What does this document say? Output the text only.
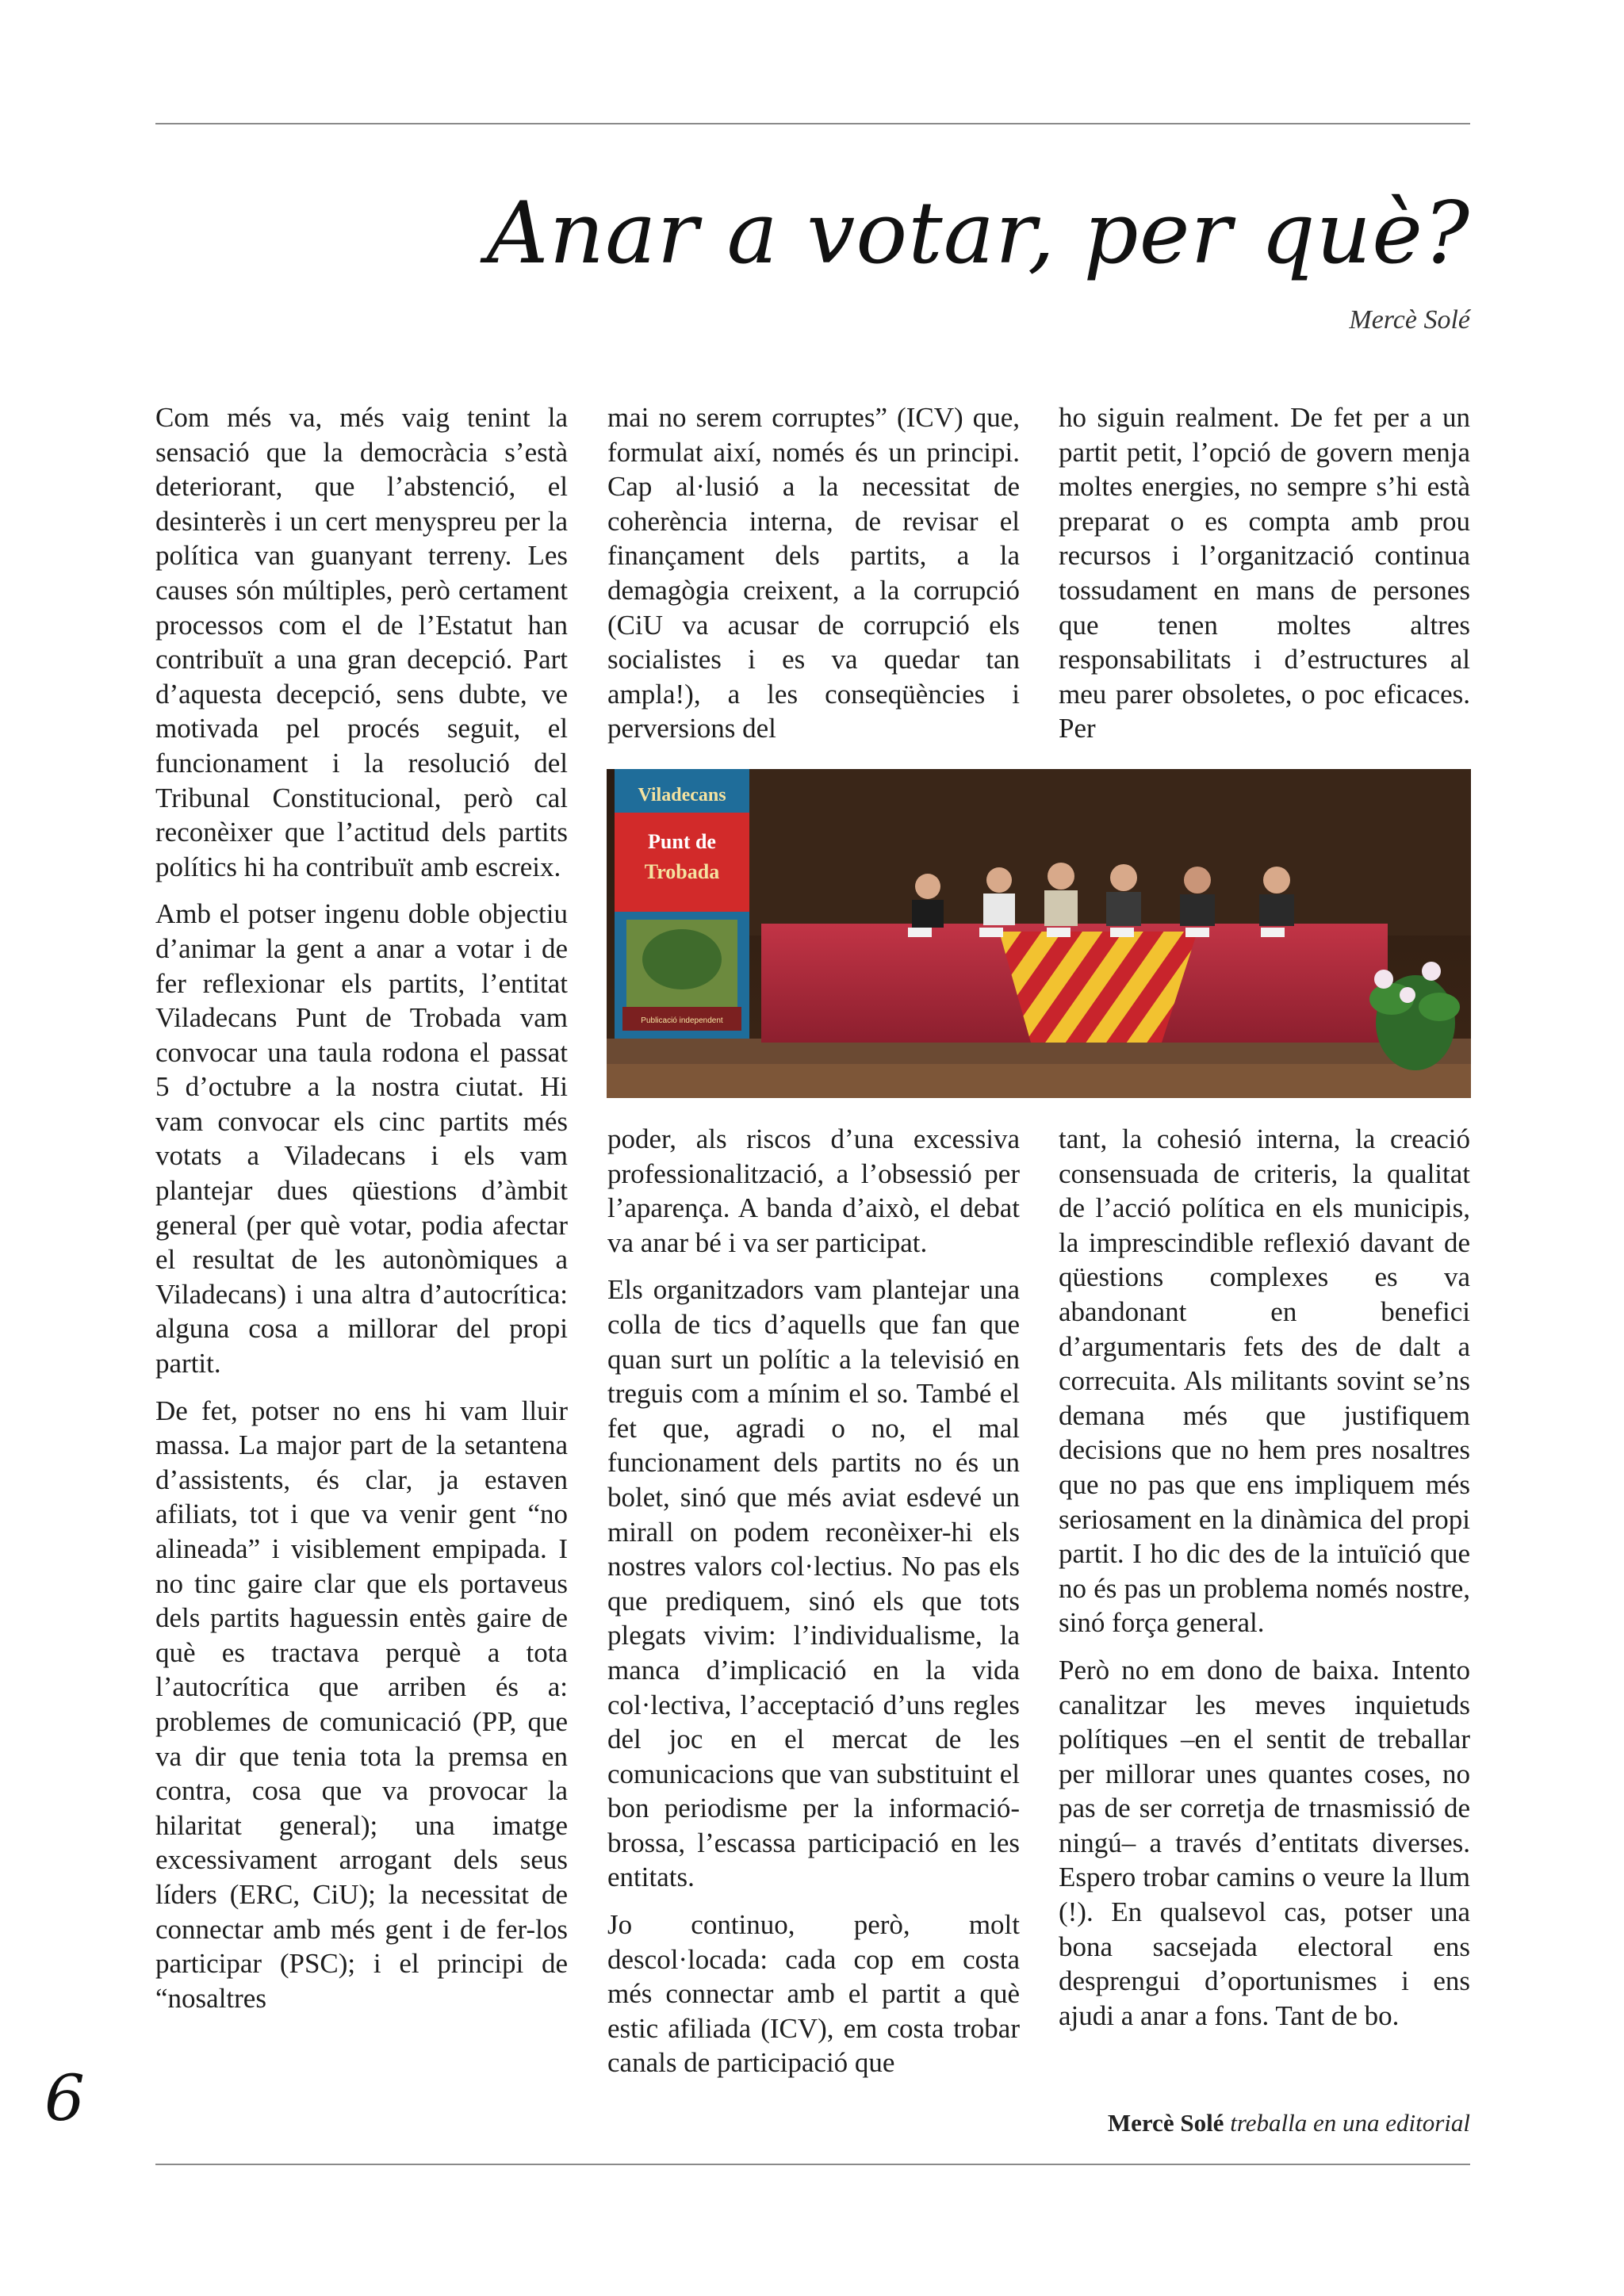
Anar a votar, per què?

Mercè Solé

Com més va, més vaig tenint la sensació que la democràcia s’està deteriorant, que l’abstenció, el desinterès i un cert menyspreu per la política van guanyant terreny. Les causes són múltiples, però certament processos com el de l’Estatut han contribuït a una gran decepció. Part d’aquesta decepció, sens dubte, ve motivada pel procés seguit, el funcionament i la resolució del Tribunal Constitucional, però cal reconèixer que l’actitud dels partits polítics hi ha contribuït amb escreix.

Amb el potser ingenu doble objectiu d’animar la gent a anar a votar i de fer reflexionar els partits, l’entitat Viladecans Punt de Trobada vam convocar una taula rodona el passat 5 d’octubre a la nostra ciutat. Hi vam convocar els cinc partits més votats a Viladecans i els vam plantejar dues qüestions d’àmbit general (per què votar, podia afectar el resultat de les autonòmiques a Viladecans) i una altra d’autocrítica: alguna cosa a millorar del propi partit.

De fet, potser no ens hi vam lluir massa. La major part de la setantena d’assistents, és clar, ja estaven afiliats, tot i que va venir gent “no alineada” i visiblement empipada. I no tinc gaire clar que els portaveus dels partits haguessin entès gaire de què es tractava perquè a tota l’autocrítica que arriben és a: problemes de comunicació (PP, que va dir que tenia tota la premsa en contra, cosa que va provocar la hilaritat general); una imatge excessivament arrogant dels seus líders (ERC, CiU); la necessitat de connectar amb més gent i de fer-los participar (PSC); i el principi de “nosaltres

mai no serem corruptes” (ICV) que, formulat així, només és un principi. Cap al·lusió a la necessitat de coherència interna, de revisar el finançament dels partits, a la demagògia creixent, a la corrupció (CiU va acusar de corrupció els socialistes i es va quedar tan ampla!), a les conseqüències i perversions del

ho siguin realment. De fet per a un partit petit, l’opció de govern menja moltes energies, no sempre s’hi està preparat o es compta amb prou recursos i l’organització continua tossudament en mans de persones que tenen moltes altres responsabilitats i d’estructures al meu parer obsoletes, o poc eficaces. Per

Viladecans
Punt de
Trobada
Publicació independent

poder, als riscos d’una excessiva professionalització, a l’obsessió per l’aparença. A banda d’això, el debat va anar bé i va ser participat.

Els organitzadors vam plantejar una colla de tics d’aquells que fan que quan surt un polític a la televisió en treguis com a mínim el so. També el fet que, agradi o no, el mal funcionament dels partits no és un bolet, sinó que més aviat esdevé un mirall on podem reconèixer-hi els nostres valors col·lectius. No pas els que prediquem, sinó els que tots plegats vivim: l’individualisme, la manca d’implicació en la vida col·lectiva, l’acceptació d’uns regles del joc en el mercat de les comunicacions que van substituint el bon periodisme per la informació-brossa, l’escassa participació en les entitats.

Jo continuo, però, molt descol·locada: cada cop em costa més connectar amb el partit a què estic afiliada (ICV), em costa trobar canals de participació que

tant, la cohesió interna, la creació consensuada de criteris, la qualitat de l’acció política en els municipis, la imprescindible reflexió davant de qüestions complexes es va abandonant en benefici d’argumentaris fets des de dalt a correcuita. Als militants sovint se’ns demana més que justifiquem decisions que no hem pres nosaltres que no pas que ens impliquem més seriosament en la dinàmica del propi partit. I ho dic des de la intuïció que no és pas un problema només nostre, sinó força general.

Però no em dono de baixa. Intento canalitzar les meves inquietuds polítiques –en el sentit de treballar per millorar unes quantes coses, no pas de ser corretja de trnasmissió de ningú– a través d’entitats diverses. Espero trobar camins o veure la llum (!). En qualsevol cas, potser una bona sacsejada electoral ens desprengui d’oportunismes i ens ajudi a anar a fons. Tant de bo.

Mercè Solé treballa en una editorial

6
